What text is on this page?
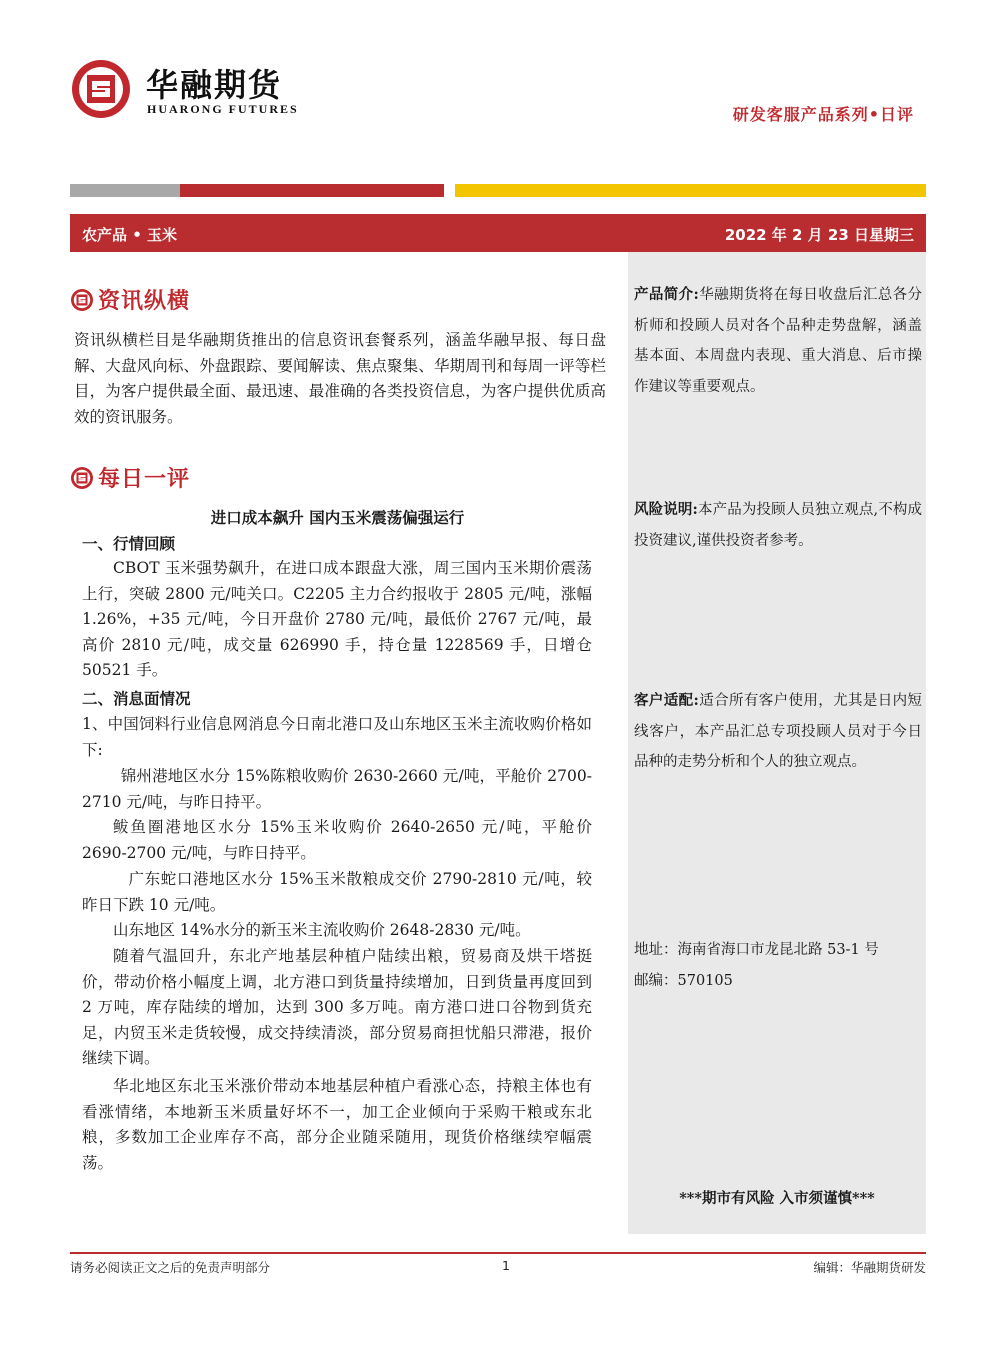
华融期货
HUARONG FUTURES	研发客服产品系列•日评
农产品 • 玉米	2022 年 2 月 23 日星期三
产品简介:华融期货将在每日收盘后汇总各分析师和投顾人员对各个品种走势盘解，涵盖基本面、本周盘内表现、重大消息、后市操作建议等重要观点。
风险说明:本产品为投顾人员独立观点,不构成投资建议,谨供投资者参考。
客户适配:适合所有客户使用，尤其是日内短线客户，本产品汇总专项投顾人员对于今日品种的走势分析和个人的独立观点。
地址：海南省海口市龙昆北路 53-1 号
邮编：570105
***期市有风险 入市须谨慎***
资讯纵横
资讯纵横栏目是华融期货推出的信息资讯套餐系列，涵盖华融早报、每日盘解、大盘风向标、外盘跟踪、要闻解读、焦点聚集、华期周刊和每周一评等栏目，为客户提供最全面、最迅速、最准确的各类投资信息，为客户提供优质高效的资讯服务。
每日一评
进口成本飙升 国内玉米震荡偏强运行
一、行情回顾
CBOT 玉米强势飙升，在进口成本跟盘大涨，周三国内玉米期价震荡上行，突破 2800 元/吨关口。C2205 主力合约报收于 2805 元/吨，涨幅 1.26%，+35 元/吨，今日开盘价 2780 元/吨，最低价 2767 元/吨，最高价 2810 元/吨，成交量 626990 手，持仓量 1228569 手，日增仓 50521 手。
二、消息面情况
1、中国饲料行业信息网消息今日南北港口及山东地区玉米主流收购价格如下:
锦州港地区水分 15%陈粮收购价 2630-2660 元/吨，平舱价 2700-2710 元/吨，与昨日持平。
鲅鱼圈港地区水分 15%玉米收购价 2640-2650 元/吨，平舱价 2690-2700 元/吨，与昨日持平。
广东蛇口港地区水分 15%玉米散粮成交价 2790-2810 元/吨，较昨日下跌 10 元/吨。
山东地区 14%水分的新玉米主流收购价 2648-2830 元/吨。
随着气温回升，东北产地基层种植户陆续出粮，贸易商及烘干塔挺价，带动价格小幅度上调，北方港口到货量持续增加，日到货量再度回到 2 万吨，库存陆续的增加，达到 300 多万吨。南方港口进口谷物到货充足，内贸玉米走货较慢，成交持续清淡，部分贸易商担忧船只滞港，报价继续下调。
华北地区东北玉米涨价带动本地基层种植户看涨心态，持粮主体也有看涨情绪，本地新玉米质量好坏不一，加工企业倾向于采购干粮或东北粮，多数加工企业库存不高，部分企业随采随用，现货价格继续窄幅震荡。
请务必阅读正文之后的免责声明部分	1	编辑：华融期货研发
